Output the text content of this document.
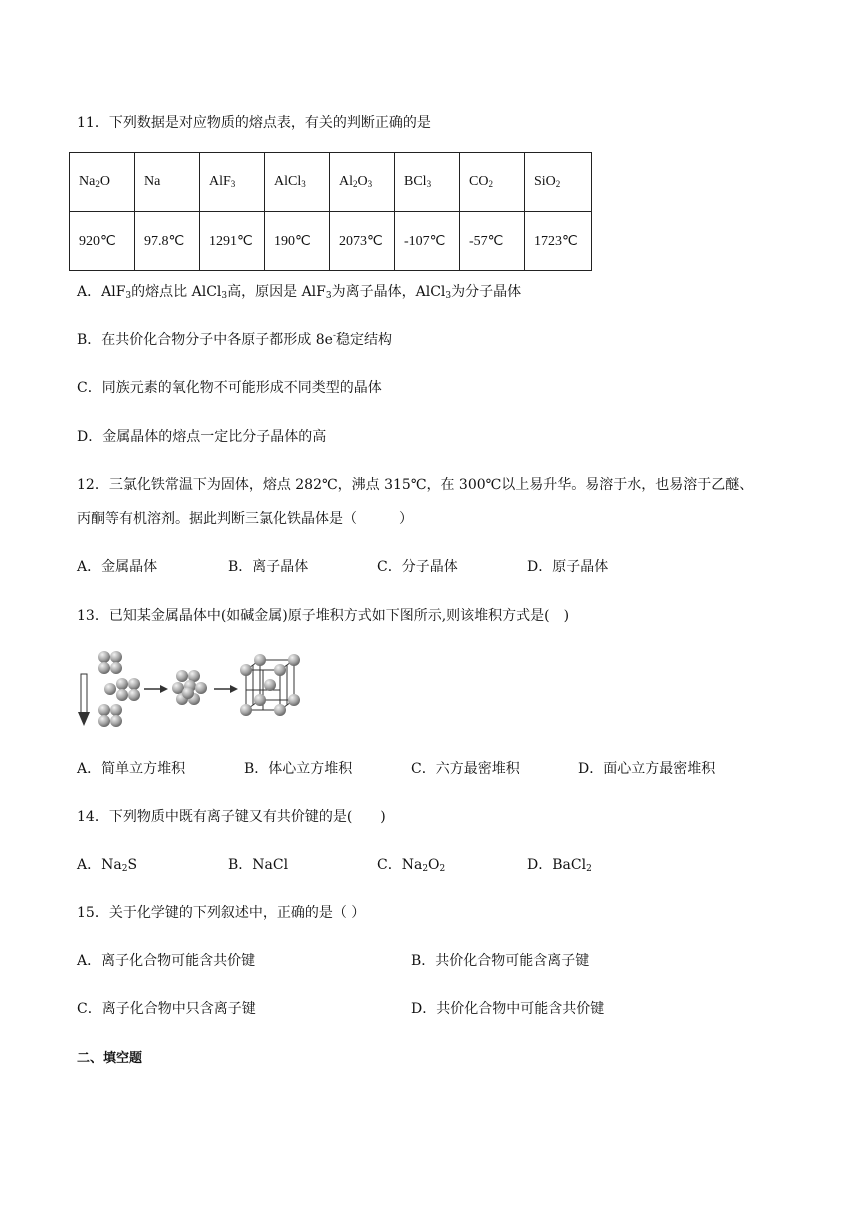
11．下列数据是对应物质的熔点表，有关的判断正确的是
$Na_2O$	Na	AlF$_3$	AlCl$_3$	$Al_2O_3$	BCl$_3$	$CO_2$	SiO$_2$
920℃	97.8℃	1291℃	190℃	2073℃	-107℃	-57℃	1723℃
A．AlF$_3$的熔点比 AlCl$_3$高，原因是 AlF$_3$为离子晶体，AlCl$_3$为分子晶体
B．在共价化合物分子中各原子都形成 8e-稳定结构
C．同族元素的氧化物不可能形成不同类型的晶体
D．金属晶体的熔点一定比分子晶体的高
12．三氯化铁常温下为固体，熔点 282℃，沸点 315℃，在 300℃以上易升华。易溶于水，也易溶于乙醚、
丙酮等有机溶剂。据此判断三氯化铁晶体是（　　　）
A．金属晶体	B．离子晶体	C．分子晶体	D．原子晶体
13．已知某金属晶体中(如碱金属)原子堆积方式如下图所示,则该堆积方式是(　)
A．简单立方堆积	B．体心立方堆积	C．六方最密堆积	D．面心立方最密堆积
14．下列物质中既有离子键又有共价键的是(　　)
A．$Na_2S$	B．NaCl	C．$Na_2O_2$	D．BaCl$_2$
15．关于化学键的下列叙述中，正确的是（ ）
A．离子化合物可能含共价键	B．共价化合物可能含离子键
C．离子化合物中只含离子键	D．共价化合物中可能含共价键
二、填空题
